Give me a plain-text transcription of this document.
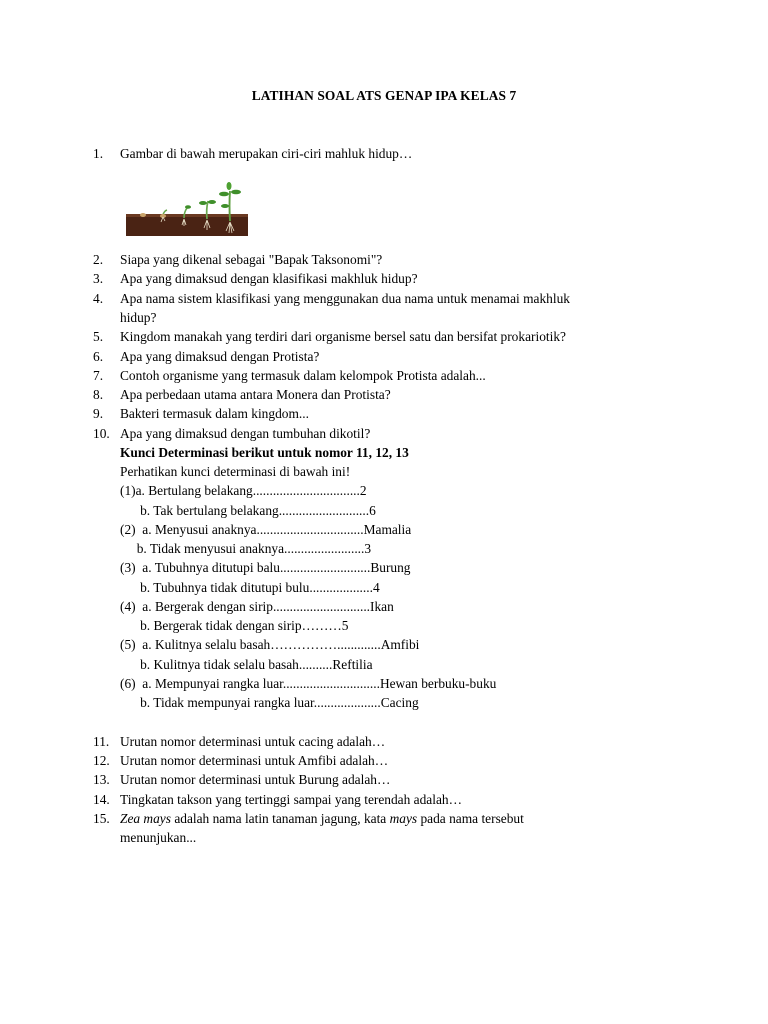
LATIHAN SOAL ATS GENAP IPA KELAS 7
1. Gambar di bawah merupakan ciri-ciri mahluk hidup…
2. Siapa yang dikenal sebagai "Bapak Taksonomi"?
3. Apa yang dimaksud dengan klasifikasi makhluk hidup?
4. Apa nama sistem klasifikasi yang menggunakan dua nama untuk menamai makhluk
hidup?
5. Kingdom manakah yang terdiri dari organisme bersel satu dan bersifat prokariotik?
6. Apa yang dimaksud dengan Protista?
7. Contoh organisme yang termasuk dalam kelompok Protista adalah...
8. Apa perbedaan utama antara Monera dan Protista?
9. Bakteri termasuk dalam kingdom...
10. Apa yang dimaksud dengan tumbuhan dikotil?
Kunci Determinasi berikut untuk nomor 11, 12, 13
Perhatikan kunci determinasi di bawah ini!
(1)a. Bertulang belakang................................2
b. Tak bertulang belakang...........................6
(2)  a. Menyusui anaknya................................Mamalia
b. Tidak menyusui anaknya........................3
(3)  a. Tubuhnya ditutupi balu...........................Burung
b. Tubuhnya tidak ditutupi bulu...................4
(4)  a. Bergerak dengan sirip.............................Ikan
b. Bergerak tidak dengan sirip………5
(5)  a. Kulitnya selalu basah…………….............Amfibi
b. Kulitnya tidak selalu basah..........Reftilia
(6)  a. Mempunyai rangka luar.............................Hewan berbuku-buku
b. Tidak mempunyai rangka luar....................Cacing
11. Urutan nomor determinasi untuk cacing adalah…
12. Urutan nomor determinasi untuk Amfibi adalah…
13. Urutan nomor determinasi untuk Burung adalah…
14. Tingkatan takson yang tertinggi sampai yang terendah adalah…
15. Zea mays adalah nama latin tanaman jagung, kata mays pada nama tersebut
menunjukan...
